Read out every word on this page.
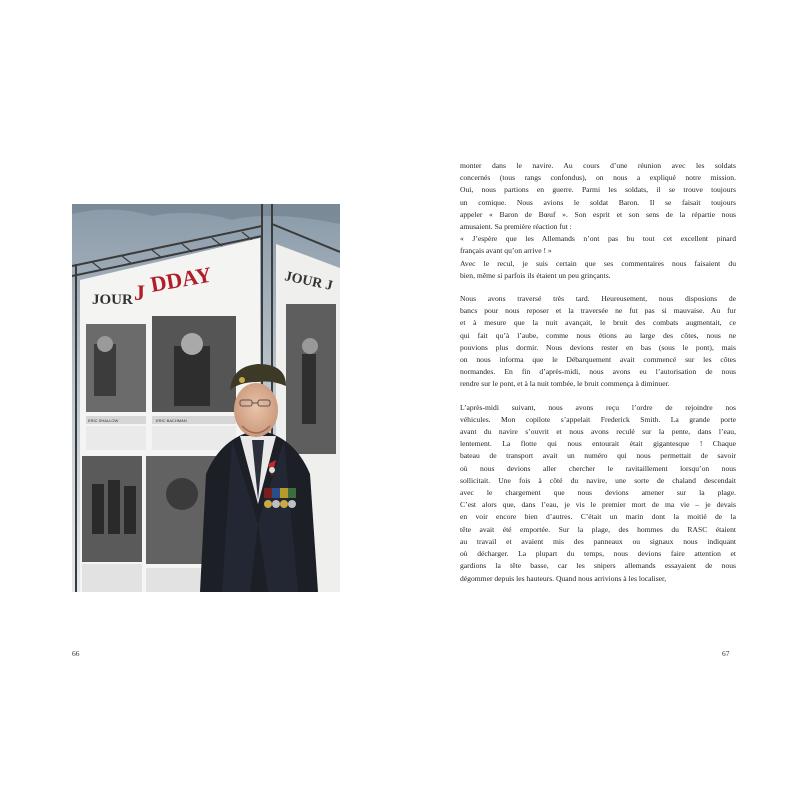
JOUR J DDAY
ERIC SHALLOW	ERIC BACHMAN
JOUR J
66

monter dans le navire. Au cours d’une réunion avec les soldats
concernés (tous rangs confondus), on nous a expliqué notre mission.
Oui, nous partions en guerre. Parmi les soldats, il se trouve toujours
un comique. Nous avions le soldat Baron. Il se faisait toujours
appeler « Baron de Bœuf ». Son esprit et son sens de la répartie nous
amusaient. Sa première réaction fut :
« J’espère que les Allemands n’ont pas bu tout cet excellent pinard
français avant qu’on arrive ! »
Avec le recul, je suis certain que ses commentaires nous faisaient du
bien, même si parfois ils étaient un peu grinçants.

Nous avons traversé très tard. Heureusement, nous disposions de
bancs pour nous reposer et la traversée ne fut pas si mauvaise. Au fur
et à mesure que la nuit avançait, le bruit des combats augmentait, ce
qui fait qu’à l’aube, comme nous étions au large des côtes, nous ne
pouvions plus dormir. Nous devions rester en bas (sous le pont), mais
on nous informa que le Débarquement avait commencé sur les côtes
normandes. En fin d’après-midi, nous avons eu l’autorisation de nous
rendre sur le pont, et à la nuit tombée, le bruit commença à diminuer.

L’après-midi suivant, nous avons reçu l’ordre de rejoindre nos
véhicules. Mon copilote s’appelait Frederick Smith. La grande porte
avant du navire s’ouvrit et nous avons reculé sur la pente, dans l’eau,
lentement. La flotte qui nous entourait était gigantesque ! Chaque
bateau de transport avait un numéro qui nous permettait de savoir
où nous devions aller chercher le ravitaillement lorsqu’on nous
sollicitait. Une fois à côté du navire, une sorte de chaland descendait
avec le chargement que nous devions amener sur la plage.
C’est alors que, dans l’eau, je vis le premier mort de ma vie – je devais
en voir encore bien d’autres. C’était un marin dont la moitié de la
tête avait été emportée. Sur la plage, des hommes du RASC étaient
au travail et avaient mis des panneaux ou signaux nous indiquant
où décharger. La plupart du temps, nous devions faire attention et
gardions la tête basse, car les snipers allemands essayaient de nous
dégommer depuis les hauteurs. Quand nous arrivions à les localiser,

67
